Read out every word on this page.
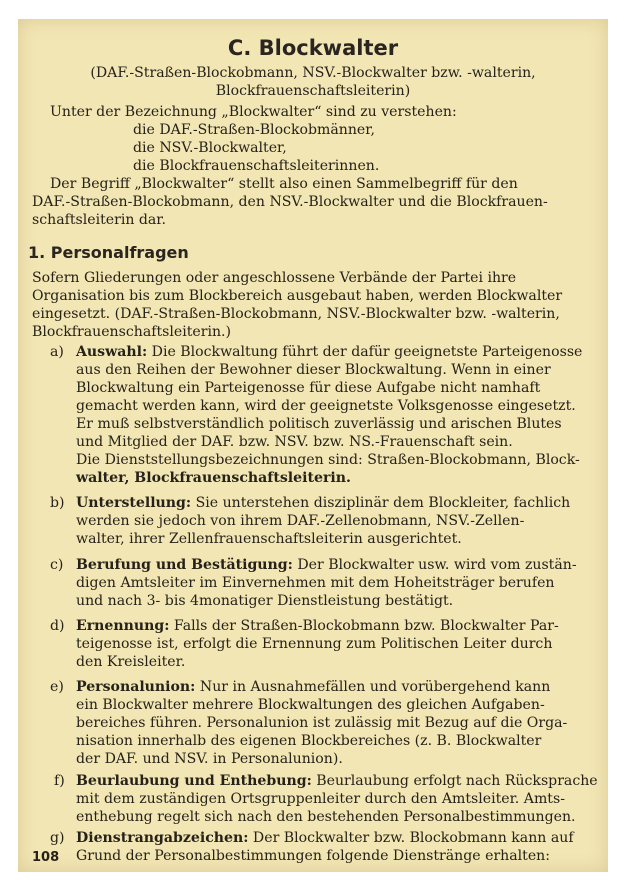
C. Blockwalter
(DAF.-Straßen-Blockobmann, NSV.-Blockwalter bzw. -walterin,
Blockfrauenschaftsleiterin)
Unter der Bezeichnung „Blockwalter“ sind zu verstehen:
die DAF.-Straßen-Blockobmänner,
die NSV.-Blockwalter,
die Blockfrauenschaftsleiterinnen.
Der Begriff „Blockwalter“ stellt also einen Sammelbegriff für den
DAF.-Straßen-Blockobmann, den NSV.-Blockwalter und die Blockfrauen-
schaftsleiterin dar.
1. Personalfragen
Sofern Gliederungen oder angeschlossene Verbände der Partei ihre
Organisation bis zum Blockbereich ausgebaut haben, werden Blockwalter
eingesetzt. (DAF.-Straßen-Blockobmann, NSV.-Blockwalter bzw. -walterin,
Blockfrauenschaftsleiterin.)
a) Auswahl: Die Blockwaltung führt der dafür geeignetste Parteigenosse
aus den Reihen der Bewohner dieser Blockwaltung. Wenn in einer
Blockwaltung ein Parteigenosse für diese Aufgabe nicht namhaft
gemacht werden kann, wird der geeignetste Volksgenosse eingesetzt.
Er muß selbstverständlich politisch zuverlässig und arischen Blutes
und Mitglied der DAF. bzw. NSV. bzw. NS.-Frauenschaft sein.
Die Dienststellungsbezeichnungen sind: Straßen-Blockobmann, Block-
walter, Blockfrauenschaftsleiterin.
b) Unterstellung: Sie unterstehen disziplinär dem Blockleiter, fachlich
werden sie jedoch von ihrem DAF.-Zellenobmann, NSV.-Zellen-
walter, ihrer Zellenfrauenschaftsleiterin ausgerichtet.
c) Berufung und Bestätigung: Der Blockwalter usw. wird vom zustän-
digen Amtsleiter im Einvernehmen mit dem Hoheitsträger berufen
und nach 3- bis 4monatiger Dienstleistung bestätigt.
d) Ernennung: Falls der Straßen-Blockobmann bzw. Blockwalter Par-
teigenosse ist, erfolgt die Ernennung zum Politischen Leiter durch
den Kreisleiter.
e) Personalunion: Nur in Ausnahmefällen und vorübergehend kann
ein Blockwalter mehrere Blockwaltungen des gleichen Aufgaben-
bereiches führen. Personalunion ist zulässig mit Bezug auf die Orga-
nisation innerhalb des eigenen Blockbereiches (z. B. Blockwalter
der DAF. und NSV. in Personalunion).
f) Beurlaubung und Enthebung: Beurlaubung erfolgt nach Rücksprache
mit dem zuständigen Ortsgruppenleiter durch den Amtsleiter. Amts-
enthebung regelt sich nach den bestehenden Personalbestimmungen.
g) Dienstrangabzeichen: Der Blockwalter bzw. Blockobmann kann auf
Grund der Personalbestimmungen folgende Dienstränge erhalten:
108
